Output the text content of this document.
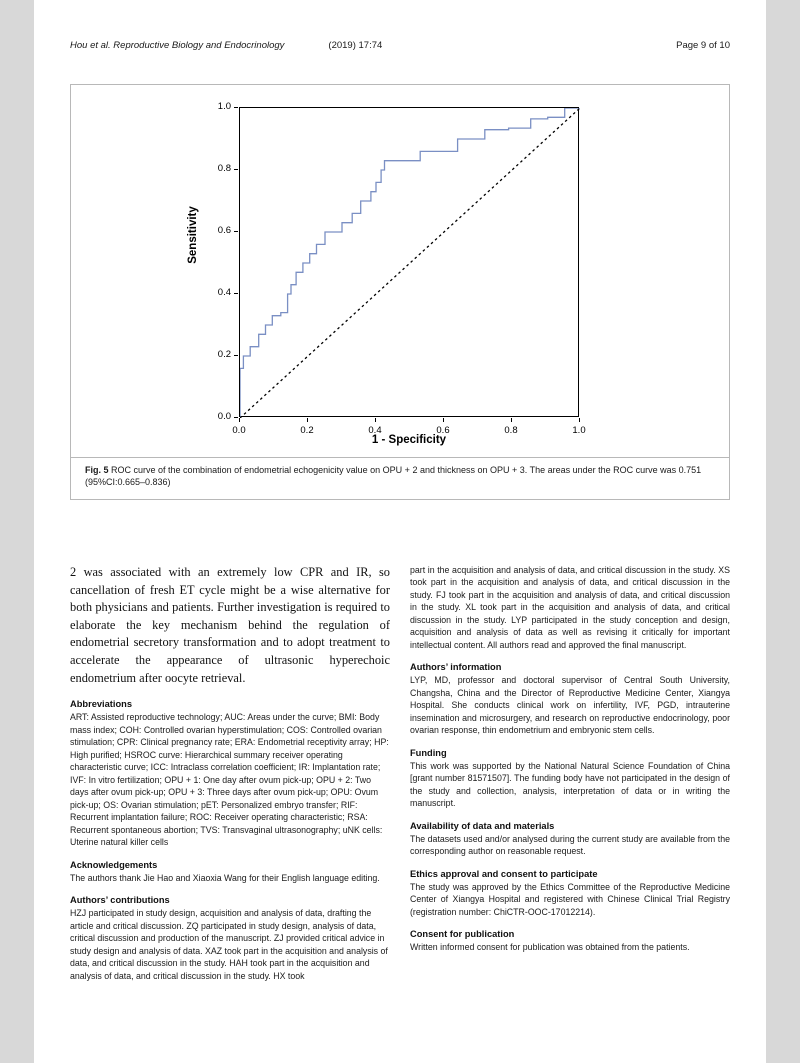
Hou et al. Reproductive Biology and Endocrinology	(2019) 17:74	Page 9 of 10
Sensitivity
1 - Specificity
0.0
0.2
0.4
0.6
0.8
1.0
0.0	0.2	0.4	0.6	0.8	1.0
Fig. 5 ROC curve of the combination of endometrial echogenicity value on OPU + 2 and thickness on OPU + 3. The areas under the ROC curve was 0.751 (95%CI:0.665–0.836)

2 was associated with an extremely low CPR and IR, so cancellation of fresh ET cycle might be a wise alternative for both physicians and patients. Further investigation is required to elaborate the key mechanism behind the regulation of endometrial secretory transformation and to adopt treatment to accelerate the appearance of ultrasonic hyperechoic endometrium after oocyte retrieval.

Abbreviations

ART: Assisted reproductive technology; AUC: Areas under the curve; BMI: Body mass index; COH: Controlled ovarian hyperstimulation; COS: Controlled ovarian stimulation; CPR: Clinical pregnancy rate; ERA: Endometrial receptivity array; HP: High purified; HSROC curve: Hierarchical summary receiver operating characteristic curve; ICC: Intraclass correlation coefficient; IR: Implantation rate; IVF: In vitro fertilization; OPU + 1: One day after ovum pick-up; OPU + 2: Two days after ovum pick-up; OPU + 3: Three days after ovum pick-up; OPU: Ovum pick-up; OS: Ovarian stimulation; pET: Personalized embryo transfer; RIF: Recurrent implantation failure; ROC: Receiver operating characteristic; RSA: Recurrent spontaneous abortion; TVS: Transvaginal ultrasonography; uNK cells: Uterine natural killer cells

Acknowledgements

The authors thank Jie Hao and Xiaoxia Wang for their English language editing.

Authors’ contributions

HZJ participated in study design, acquisition and analysis of data, drafting the article and critical discussion. ZQ participated in study design, analysis of data, critical discussion and production of the manuscript. ZJ provided critical advice in study design and analysis of data. XAZ took part in the acquisition and analysis of data, and critical discussion in the study. HAH took part in the acquisition and analysis of data, and critical discussion in the study. HX took

part in the acquisition and analysis of data, and critical discussion in the study. XS took part in the acquisition and analysis of data, and critical discussion in the study. FJ took part in the acquisition and analysis of data, and critical discussion in the study. XL took part in the acquisition and analysis of data, and critical discussion in the study. LYP participated in the study conception and design, acquisition and analysis of data as well as revising it critically for important intellectual content. All authors read and approved the final manuscript.

Authors’ information

LYP, MD, professor and doctoral supervisor of Central South University, Changsha, China and the Director of Reproductive Medicine Center, Xiangya Hospital. She conducts clinical work on infertility, IVF, PGD, intrauterine insemination and microsurgery, and research on reproductive endocrinology, poor ovarian response, thin endometrium and embryonic stem cells.

Funding

This work was supported by the National Natural Science Foundation of China [grant number 81571507]. The funding body have not participated in the design of the study and collection, analysis, interpretation of data or in writing the manuscript.

Availability of data and materials

The datasets used and/or analysed during the current study are available from the corresponding author on reasonable request.

Ethics approval and consent to participate

The study was approved by the Ethics Committee of the Reproductive Medicine Center of Xiangya Hospital and registered with Chinese Clinical Trial Registry (registration number: ChiCTR-OOC-17012214).

Consent for publication

Written informed consent for publication was obtained from the patients.
